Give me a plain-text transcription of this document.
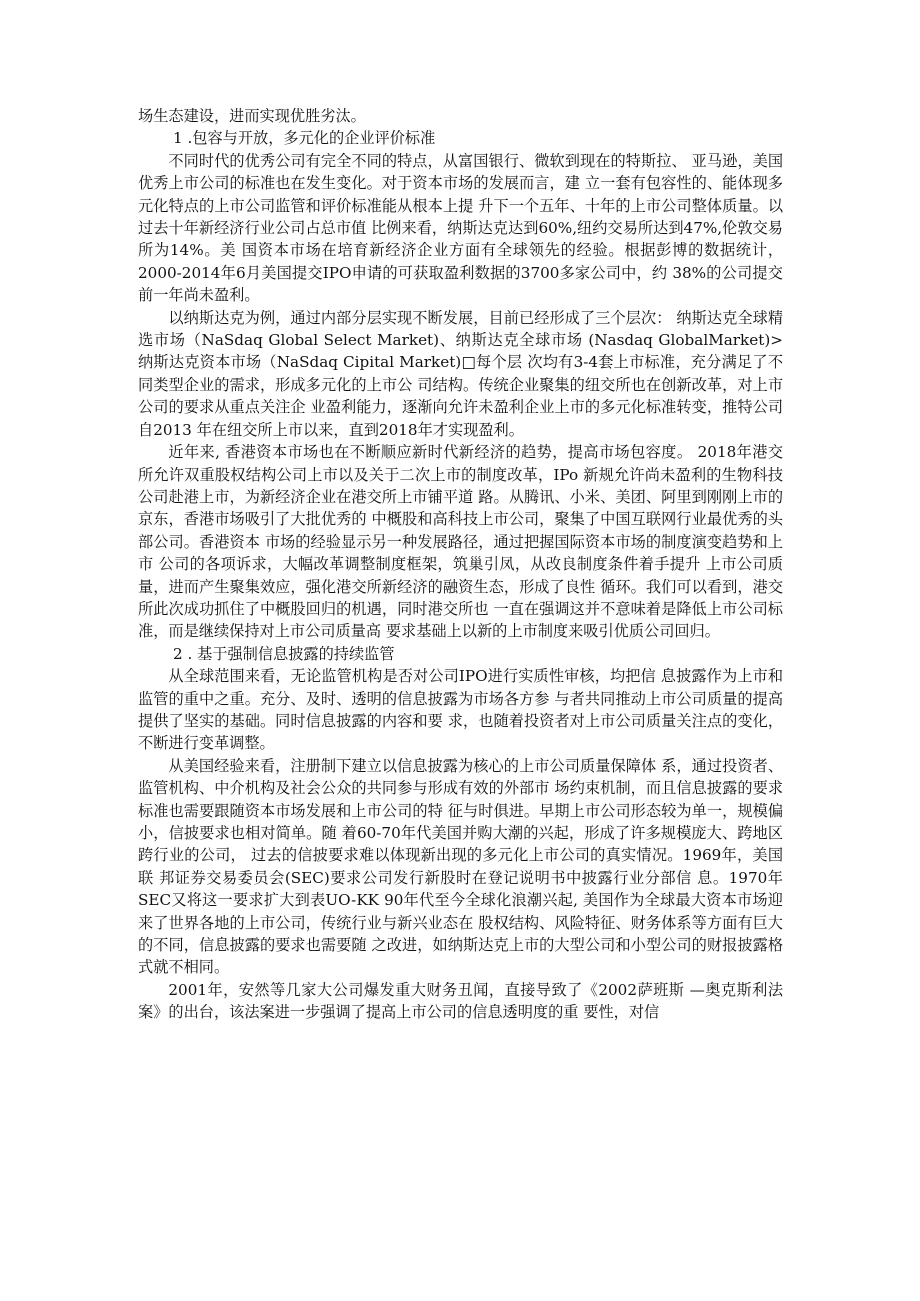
场生态建设，进而实现优胜劣汰。

1 .包容与开放，多元化的企业评价标准

不同时代的优秀公司有完全不同的特点，从富国银行、微软到现在的特斯拉、 亚马逊，美国优秀上市公司的标准也在发生变化。对于资本市场的发展而言，建 立一套有包容性的、能体现多元化特点的上市公司监管和评价标准能从根本上提 升下一个五年、十年的上市公司整体质量。以过去十年新经济行业公司占总市值 比例来看，纳斯达克达到60%,纽约交易所达到47%,伦敦交易所为14%。美 国资本市场在培育新经济企业方面有全球领先的经验。根据彭博的数据统计， 2000-2014年6月美国提交IPO申请的可获取盈利数据的3700多家公司中，约 38%的公司提交前一年尚未盈利。

以纳斯达克为例，通过内部分层实现不断发展，目前已经形成了三个层次： 纳斯达克全球精选市场（NaSdaq Global Select Market)、纳斯达克全球市场 (Nasdaq GlobalMarket)> 纳斯达克资本市场（NaSdaq Cipital Market)□每个层 次均有3-4套上市标准，充分满足了不同类型企业的需求，形成多元化的上市公 司结构。传统企业聚集的纽交所也在创新改革，对上市公司的要求从重点关注企 业盈利能力，逐渐向允许未盈利企业上市的多元化标准转变，推特公司自2013 年在纽交所上市以来，直到2018年才实现盈利。

近年来, 香港资本市场也在不断顺应新时代新经济的趋势，提高市场包容度。 2018年港交所允许双重股权结构公司上市以及关于二次上市的制度改革，IPo 新规允许尚未盈利的生物科技公司赴港上市，为新经济企业在港交所上市铺平道 路。从腾讯、小米、美团、阿里到刚刚上市的京东，香港市场吸引了大批优秀的 中概股和高科技上市公司，聚集了中国互联网行业最优秀的头部公司。香港资本 市场的经验显示另一种发展路径，通过把握国际资本市场的制度演变趋势和上市 公司的各项诉求，大幅改革调整制度框架，筑巢引凤，从改良制度条件着手提升 上市公司质量，进而产生聚集效应，强化港交所新经济的融资生态，形成了良性 循环。我们可以看到，港交所此次成功抓住了中概股回归的机遇，同时港交所也 一直在强调这并不意味着是降低上市公司标准，而是继续保持对上市公司质量高 要求基础上以新的上市制度来吸引优质公司回归。

2 . 基于强制信息披露的持续监管

从全球范围来看，无论监管机构是否对公司IPO进行实质性审核，均把信 息披露作为上市和监管的重中之重。充分、及时、透明的信息披露为市场各方参 与者共同推动上市公司质量的提高提供了坚实的基础。同时信息披露的内容和要 求，也随着投资者对上市公司质量关注点的变化，不断进行变革调整。

从美国经验来看，注册制下建立以信息披露为核心的上市公司质量保障体 系，通过投资者、监管机构、中介机构及社会公众的共同参与形成有效的外部市 场约束机制，而且信息披露的要求标准也需要跟随资本市场发展和上市公司的特 征与时俱进。早期上市公司形态较为单一，规模偏小，信披要求也相对简单。随 着60-70年代美国并购大潮的兴起，形成了许多规模庞大、跨地区跨行业的公司， 过去的信披要求难以体现新出现的多元化上市公司的真实情况。1969年，美国联 邦证券交易委员会(SEC)要求公司发行新股时在登记说明书中披露行业分部信 息。1970年SEC又将这一要求扩大到表UO-KK 90年代至今全球化浪潮兴起, 美国作为全球最大资本市场迎来了世界各地的上市公司，传统行业与新兴业态在 股权结构、风险特征、财务体系等方面有巨大的不同，信息披露的要求也需要随 之改进，如纳斯达克上市的大型公司和小型公司的财报披露格式就不相同。

2001年，安然等几家大公司爆发重大财务丑闻，直接导致了《2002萨班斯 —奥克斯利法案》的出台，该法案进一步强调了提高上市公司的信息透明度的重 要性，对信
